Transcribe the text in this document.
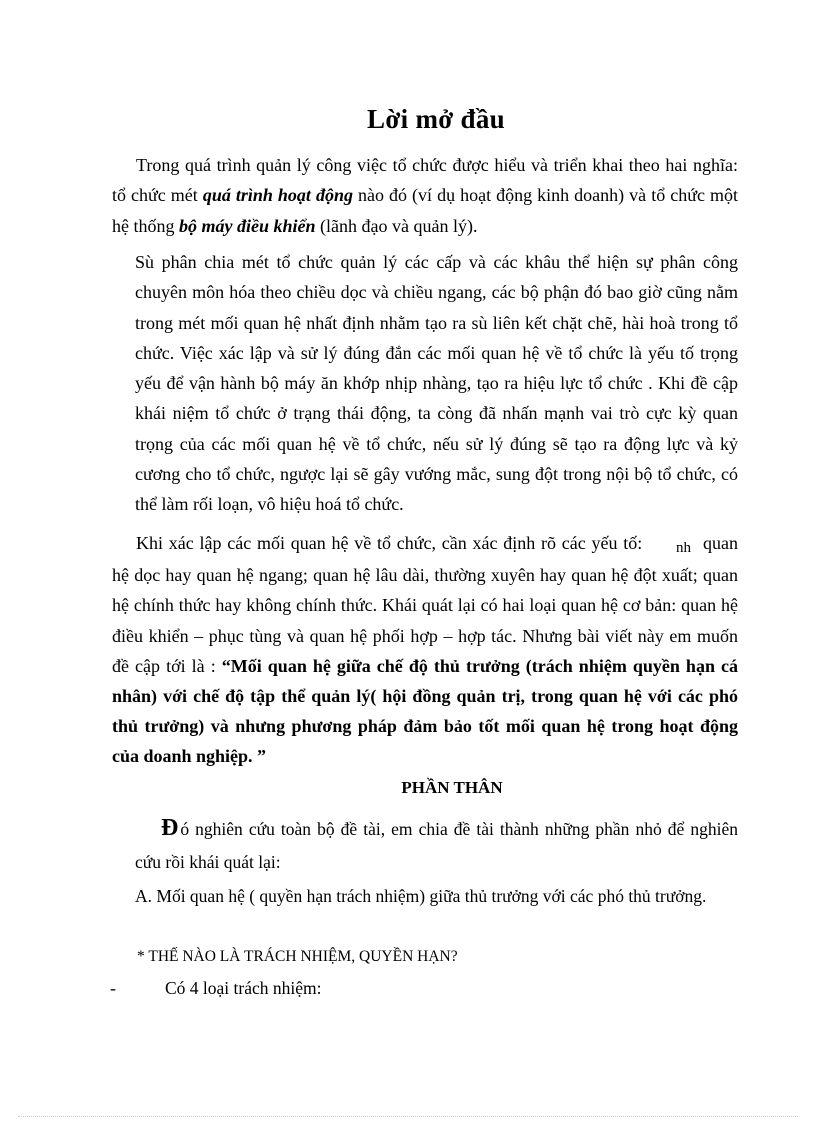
Lời mở đầu
Trong quá trình quản lý công việc tổ chức được hiểu và triển khai theo hai nghĩa: tổ chức mét quá trình hoạt động nào đó (ví dụ hoạt động kinh doanh) và tổ chức một hệ thống bộ máy điều khiển (lãnh đạo và quản lý).
Sù phân chia mét tổ chức quản lý các cấp và các khâu thể hiện sự phân công chuyên môn hóa theo chiều dọc và chiều ngang, các bộ phận đó bao giờ cũng nằm trong mét mối quan hệ nhất định nhằm tạo ra sù liên kết chặt chẽ, hài hoà trong tổ chức. Việc xác lập và sử lý đúng đắn các mối quan hệ về tổ chức là yếu tố trọng yếu để vận hành bộ máy ăn khớp nhịp nhàng, tạo ra hiệu lực tổ chức . Khi đề cập khái niệm tổ chức ở trạng thái động, ta còng đã nhấn mạnh vai trò cực kỳ quan trọng của các mối quan hệ về tổ chức, nếu sử lý đúng sẽ tạo ra động lực và kỷ cương cho tổ chức, ngược lại sẽ gây vướng mắc, sung đột trong nội bộ tổ chức, có thể làm rối loạn, vô hiệu hoá tổ chức.
Khi xác lập các mối quan hệ về tổ chức, cần xác định rõ các yếu tố: nh quan hệ dọc hay quan hệ ngang; quan hệ lâu dài, thường xuyên hay quan hệ đột xuất; quan hệ chính thức hay không chính thức. Khái quát lại có hai loại quan hệ cơ bản: quan hệ điều khiển – phục tùng và quan hệ phối hợp – hợp tác. Nhưng bài viết này em muốn đề cập tới là : “Mối quan hệ giữa chế độ thủ trưởng (trách nhiệm quyền hạn cá nhân) với chế độ tập thể quản lý( hội đồng quản trị, trong quan hệ với các phó thủ trưởng) và nhưng phương pháp đảm bảo tốt mối quan hệ trong hoạt động của doanh nghiệp. ”
PHẦN THÂN
Đ ó nghiên cứu toàn bộ đề tài, em chia đề tài thành những phần nhỏ để nghiên cứu rồi khái quát lại:
A. Mối quan hệ ( quyền hạn trách nhiệm) giữa thủ trưởng với các phó thủ trưởng.
* THẾ NÀO LÀ TRÁCH NHIỆM, QUYỀN HẠN?
-	Có 4 loại trách nhiệm:
